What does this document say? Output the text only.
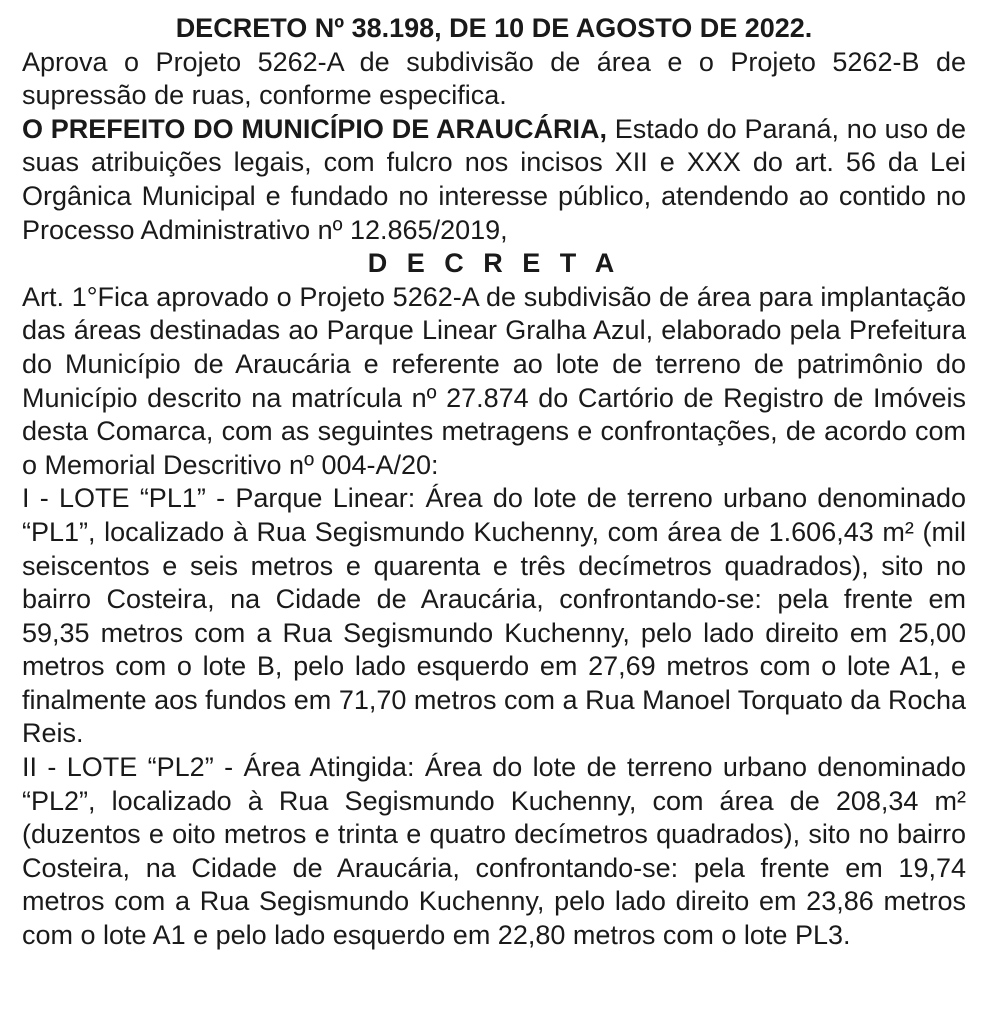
DECRETO Nº 38.198, DE 10 DE AGOSTO DE 2022.

Aprova o Projeto 5262-A de subdivisão de área e o Projeto 5262-B de supressão de ruas, conforme especifica.

O PREFEITO DO MUNICÍPIO DE ARAUCÁRIA, Estado do Paraná, no uso de suas atribuições legais, com fulcro nos incisos XII e XXX do art. 56 da Lei Orgânica Municipal e fundado no interesse público, atendendo ao contido no Processo Administrativo nº 12.865/2019,

D E C R E T A

Art. 1°Fica aprovado o Projeto 5262-A de subdivisão de área para implantação das áreas destinadas ao Parque Linear Gralha Azul, elaborado pela Prefeitura do Município de Araucária e referente ao lote de terreno de patrimônio do Município descrito na matrícula nº 27.874 do Cartório de Registro de Imóveis desta Comarca, com as seguintes metragens e confrontações, de acordo com o Memorial Descritivo nº 004-A/20:

I - LOTE “PL1” - Parque Linear: Área do lote de terreno urbano denominado “PL1”, localizado à Rua Segismundo Kuchenny, com área de 1.606,43 m² (mil seiscentos e seis metros e quarenta e três decímetros quadrados), sito no bairro Costeira, na Cidade de Araucária, confrontando-se: pela frente em 59,35 metros com a Rua Segismundo Kuchenny, pelo lado direito em 25,00 metros com o lote B, pelo lado esquerdo em 27,69 metros com o lote A1, e finalmente aos fundos em 71,70 metros com a Rua Manoel Torquato da Rocha Reis.

II - LOTE “PL2” - Área Atingida: Área do lote de terreno urbano denominado “PL2”, localizado à Rua Segismundo Kuchenny, com área de 208,34 m² (duzentos e oito metros e trinta e quatro decímetros quadrados), sito no bairro Costeira, na Cidade de Araucária, confrontando-se: pela frente em 19,74 metros com a Rua Segismundo Kuchenny, pelo lado direito em 23,86 metros com o lote A1 e pelo lado esquerdo em 22,80 metros com o lote PL3.
